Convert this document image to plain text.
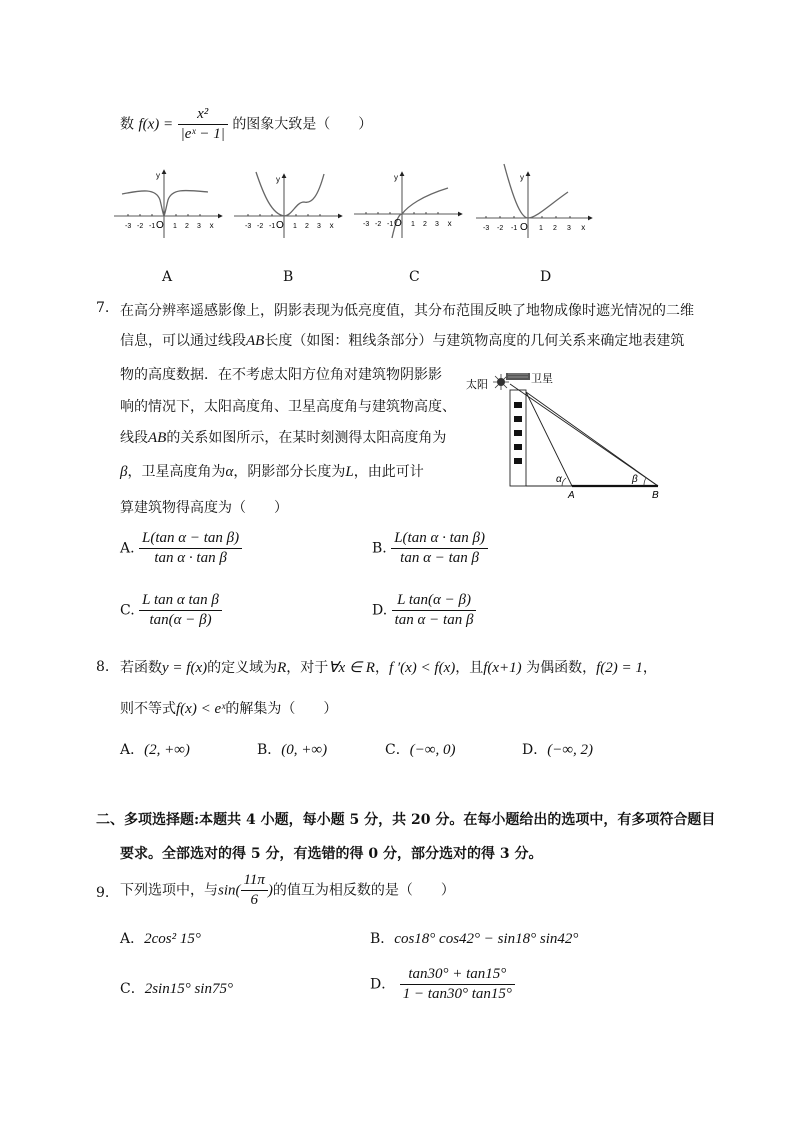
数 $f(x) = \frac{\text{x²}}{\text{|eˣ − 1|}}$ 的图象大致是（　　）
-3 -2 -1 O 1 2 3 x
y
-3 -2 -1 O 1 2 3 x
y
-3 -2 -1 O 1 2 3 x
y
-3 -2 -1 O 1 2 3 x
y
A	B	C	D
7. 在高分辨率遥感影像上，阴影表现为低亮度值，其分布范围反映了地物成像时遮光情况的二维
信息，可以通过线段AB长度（如图：粗线条部分）与建筑物高度的几何关系来确定地表建筑
物的高度数据．在不考虑太阳方位角对建筑物阴影影
响的情况下，太阳高度角、卫星高度角与建筑物高度、
线段AB的关系如图所示，在某时刻测得太阳高度角为
β，卫星高度角为α，阴影部分长度为L，由此可计
算建筑物得高度为（　　）
太阳	卫星
α	β
A	B
A. $\frac{\text{L(tan α − tan β)}}{\text{tan α · tan β}}$	B. $\frac{\text{L(tan α · tan β)}}{\text{tan α − tan β}}$
C. $\frac{\text{L tan α tan β}}{\tan(\alpha - \beta)}$	D. $\frac{\text{L tan(α − β)}}{\text{tan α − tan β}}$
8. 若函数y = f(x)的定义域为R，对于∀x ∈ R，f ′(x) < f(x)，且f(x+1) 为偶函数，f(2) = 1，
则不等式f(x) < eˣ的解集为（　　）
A．(2, +∞)	B．(0, +∞)	C．(−∞, 0)	D．(−∞, 2)
二、多项选择题:本题共 4 小题，每小题 5 分，共 20 分。在每小题给出的选项中，有多项符合题目
要求。全部选对的得 5 分，有选错的得 0 分，部分选对的得 3 分。
9. 下列选项中，与$\sin( \frac{11\pi}{6}$ )的值互为相反数的是（　　）
A．2cos² 15°	B．cos18° cos42° − sin18° sin42°
C．2sin15° sin75°	D． $\frac{\tan 30^\circ + \tan 15^\circ}{1 - \tan 30^\circ \tan 15^\circ}$
